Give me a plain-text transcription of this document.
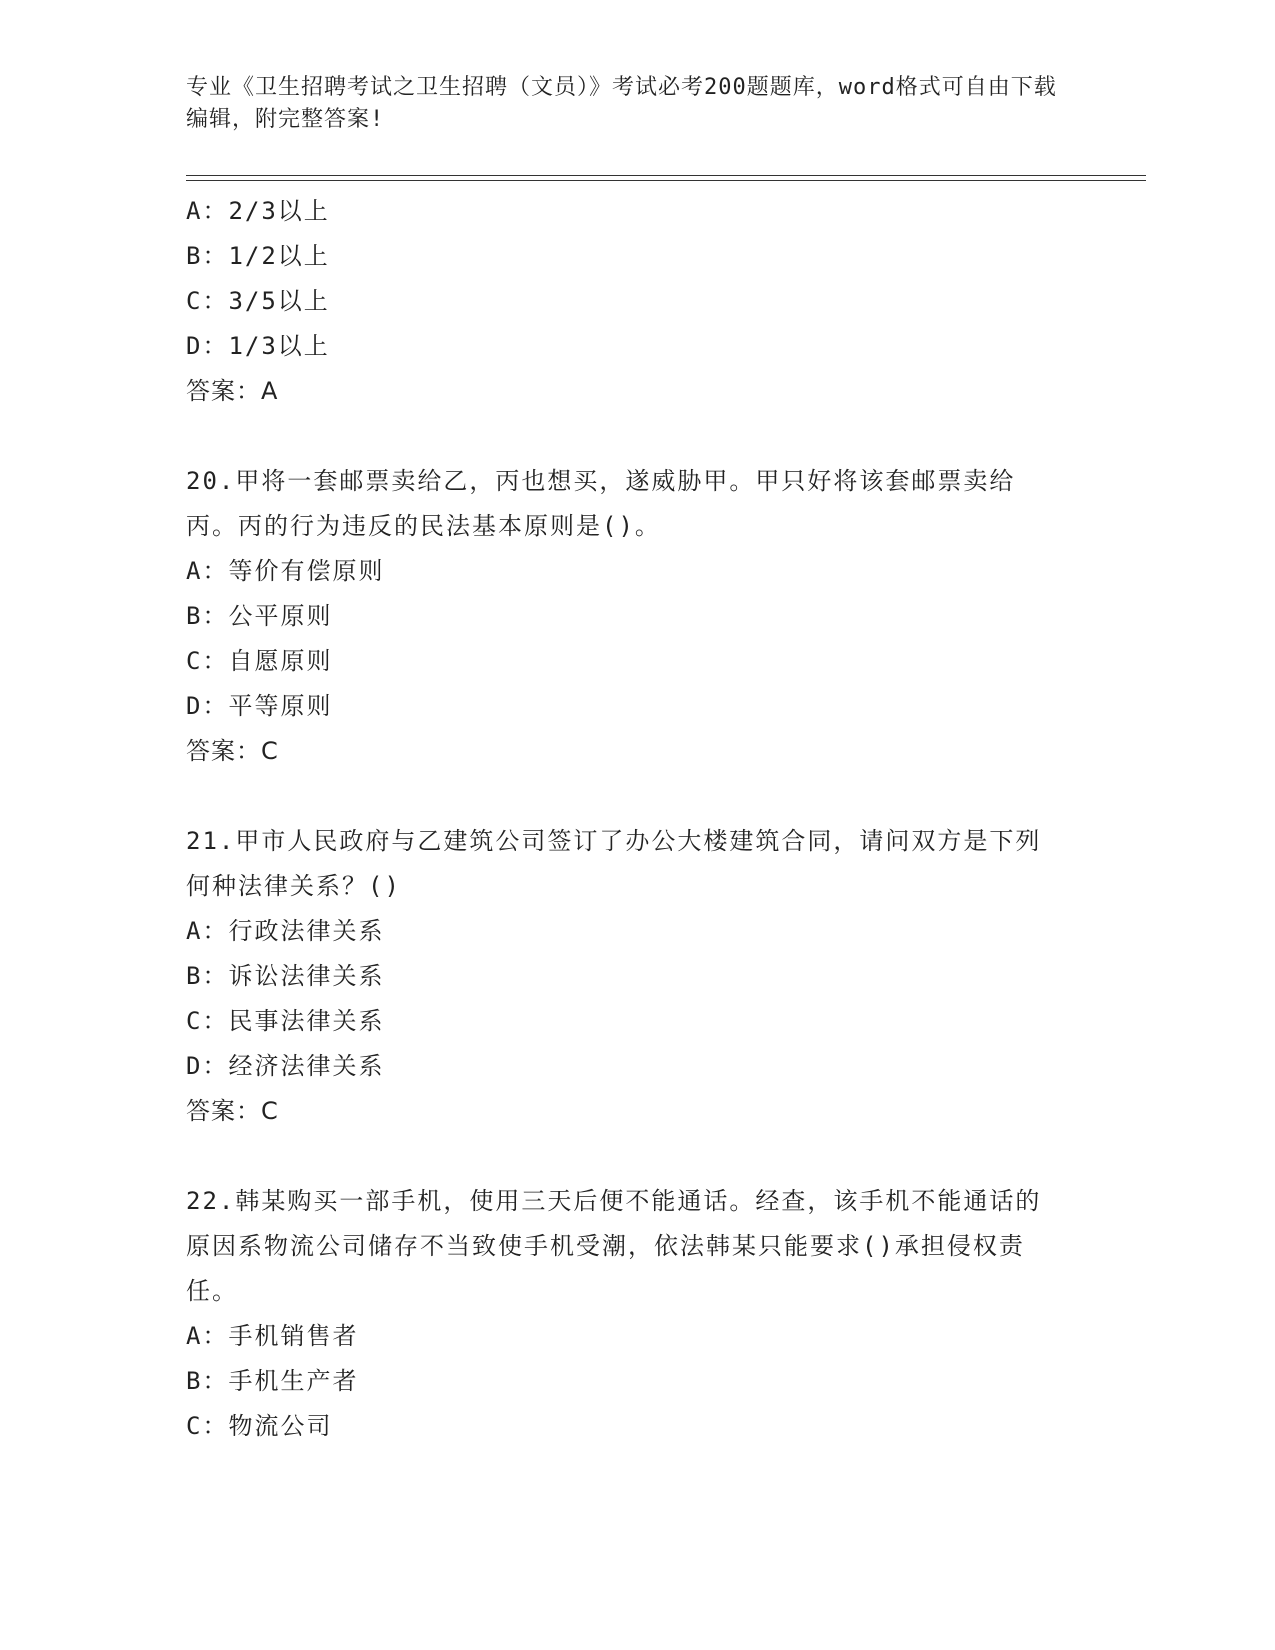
专业《卫生招聘考试之卫生招聘（文员）》考试必考200题题库，word格式可自由下载编辑，附完整答案!
A：2/3以上
B：1/2以上
C：3/5以上
D：1/3以上
答案：A
20.甲将一套邮票卖给乙，丙也想买，遂威胁甲。甲只好将该套邮票卖给丙。丙的行为违反的民法基本原则是()。
A：等价有偿原则
B：公平原则
C：自愿原则
D：平等原则
答案：C
21.甲市人民政府与乙建筑公司签订了办公大楼建筑合同，请问双方是下列何种法律关系？()
A：行政法律关系
B：诉讼法律关系
C：民事法律关系
D：经济法律关系
答案：C
22.韩某购买一部手机，使用三天后便不能通话。经查，该手机不能通话的原因系物流公司储存不当致使手机受潮，依法韩某只能要求()承担侵权责任。
A：手机销售者
B：手机生产者
C：物流公司
